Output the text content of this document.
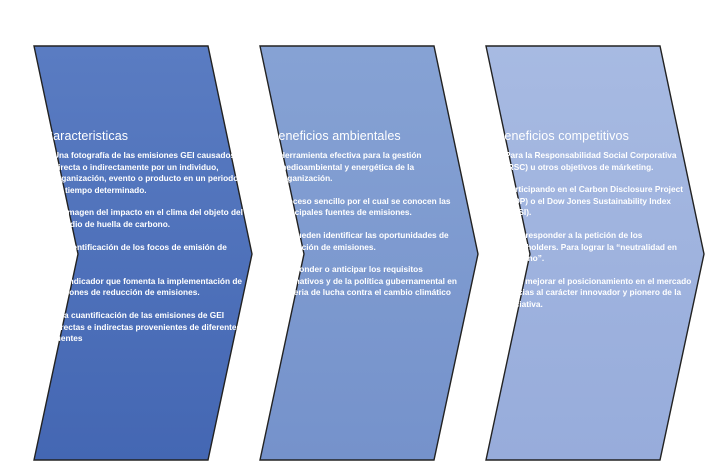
Caracteristicas
• Una fotografía de las emisiones GEI causados directa o indirectamente por un individuo, organización, evento o producto en un periodo de tiempo determinado.
• La imagen del impacto en el clima del objeto del estudio de huella de carbono.
• La identificación de los focos de emisión de GEI.
• Un indicador que fomenta la implementación de acciones de reducción de emisiones.
• Una cuantificación de las emisiones de GEI directas e indirectas provenientes de diferentes fuentes
Beneficios ambientales
• Herramienta efectiva para la gestión medioambiental y energética de la organización.
• Proceso sencillo por el cual se conocen las principales fuentes de emisiones.
• Se pueden identificar las oportunidades de reducción de emisiones.
• Responder o anticipar los requisitos normativos y de la política gubernamental en materia de lucha contra el cambio climático
Beneficios competitivos
• Para la Responsabilidad Social Corporativa (RSC) u otros objetivos de márketing.
• Participando en el Carbon Disclosure Project (CDP) o el Dow Jones Sustainability Index (DJSI).
• Para responder a la petición de los stakeholders. Para lograr la “neutralidad en carbono”.
• Para mejorar el posicionamiento en el mercado gracias al carácter innovador y pionero de la iniciativa.
